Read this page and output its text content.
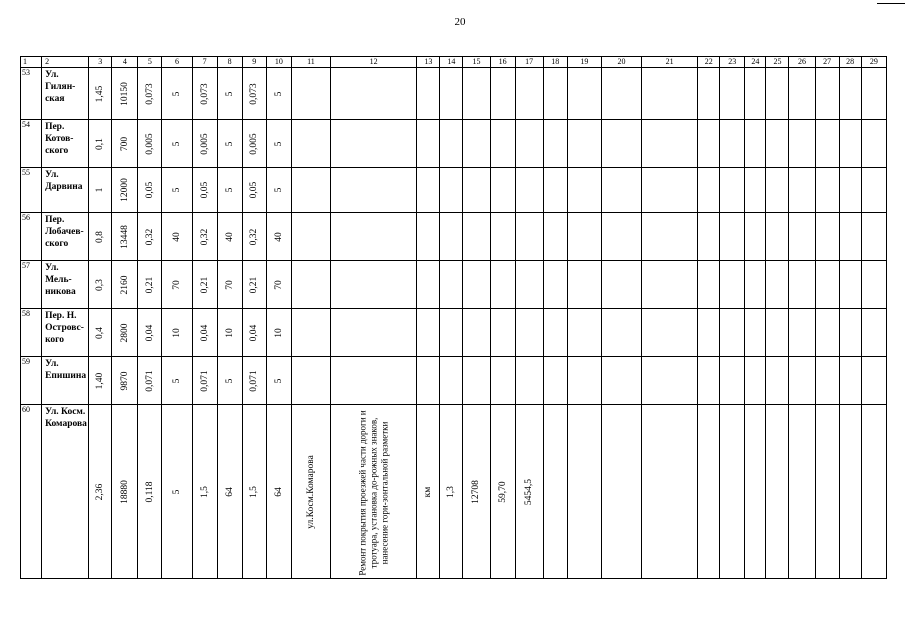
20
1	2	3	4	5	6	7	8	9	10	11	12	13	14	15	16	17	18	19	20	21	22	23	24	25	26	27	28	29
53	Ул.
Гилян-
ская	1,45	10150	0,073	5	0,073	5	0,073	5																			

54	Пер.
Котов-
ского	0,1	700	0,005	5	0,005	5	0,005	5																			

55	Ул.
Дарвина	1	12000	0,05	5	0,05	5	0,05	5																			

56	Пер.
Лобачев-
ского	0,8	13448	0,32	40	0,32	40	0,32	40																			

57	Ул.
Мель-
никова	0,3	2160	0,21	70	0,21	70	0,21	70																			

58	Пер. Н.
Островс-
кого	0,4	2800	0,04	10	0,04	10	0,04	10																			

59	Ул.
Епишина	1,40	9870	0,071	5	0,071	5	0,071	5																			

60	Ул. Косм.
Комарова	2,36	18880	0,118	5	1,5	64	1,5	64	ул.Косм.Комарова	Ремонт покрытия проезжей части дороги и тротуара, установка до-рожных знаков, нанесение гори-зонтальной разметки	км	1,3	12708	59,70	5454,5												
